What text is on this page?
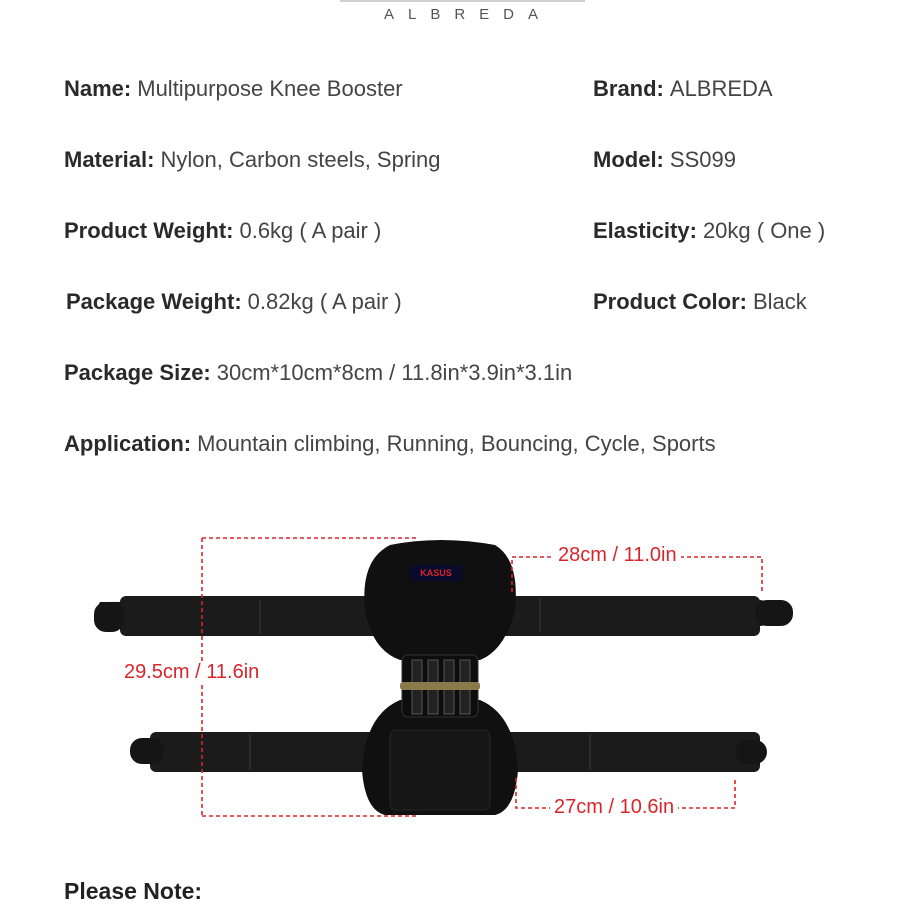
ALBREDA
Name: Multipurpose Knee Booster	Brand: ALBREDA
Material: Nylon, Carbon steels, Spring	Model: SS099
Product Weight: 0.6kg ( A pair )	Elasticity: 20kg ( One )
Package Weight: 0.82kg ( A pair )	Product Color: Black
Package Size: 30cm*10cm*8cm / 11.8in*3.9in*3.1in
Application: Mountain climbing, Running, Bouncing, Cycle, Sports
KASUS
28cm / 11.0in
29.5cm / 11.6in
27cm / 10.6in
Please Note:
